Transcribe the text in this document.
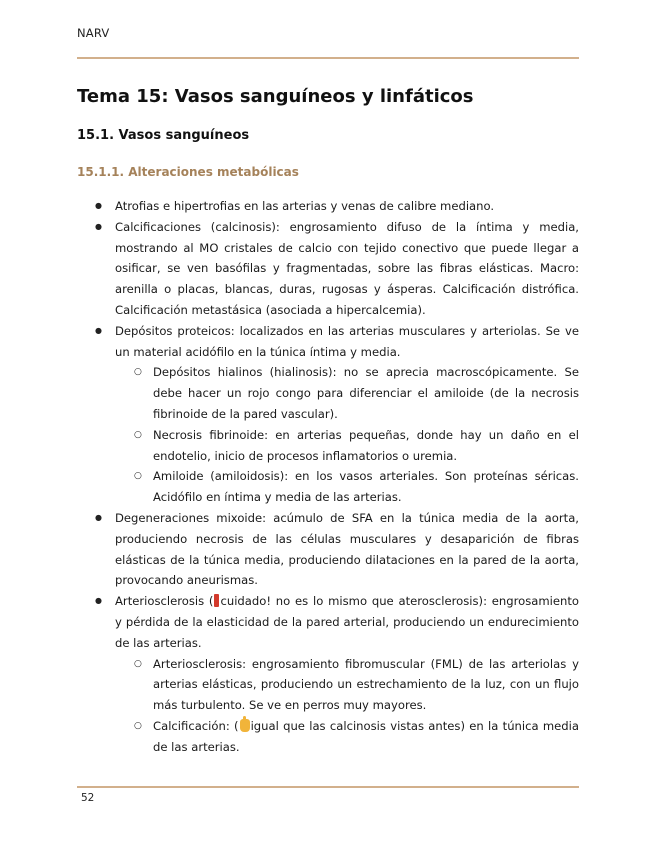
NARV
Tema 15: Vasos sanguíneos y linfáticos
15.1. Vasos sanguíneos
15.1.1. Alteraciones metabólicas
● Atrofias e hipertrofias en las arterias y venas de calibre mediano.
● Calcificaciones (calcinosis): engrosamiento difuso de la íntima y media, mostrando al MO cristales de calcio con tejido conectivo que puede llegar a osificar, se ven basófilas y fragmentadas, sobre las fibras elásticas. Macro: arenilla o placas, blancas, duras, rugosas y ásperas. Calcificación distrófica. Calcificación metastásica (asociada a hipercalcemia).
● Depósitos proteicos: localizados en las arterias musculares y arteriolas. Se ve un material acidófilo en la túnica íntima y media.
○ Depósitos hialinos (hialinosis): no se aprecia macroscópicamente. Se debe hacer un rojo congo para diferenciar el amiloide (de la necrosis fibrinoide de la pared vascular).
○ Necrosis fibrinoide: en arterias pequeñas, donde hay un daño en el endotelio, inicio de procesos inflamatorios o uremia.
○ Amiloide (amiloidosis): en los vasos arteriales. Son proteínas séricas. Acidófilo en íntima y media de las arterias.
● Degeneraciones mixoide: acúmulo de SFA en la túnica media de la aorta, produciendo necrosis de las células musculares y desaparición de fibras elásticas de la túnica media, produciendo dilataciones en la pared de la aorta, provocando aneurismas.
● Arteriosclerosis ( cuidado! no es lo mismo que aterosclerosis): engrosamiento y pérdida de la elasticidad de la pared arterial, produciendo un endurecimiento de las arterias.
○ Arteriosclerosis: engrosamiento fibromuscular (FML) de las arteriolas y arterias elásticas, produciendo un estrechamiento de la luz, con un flujo más turbulento. Se ve en perros muy mayores.
○ Calcificación: ( igual que las calcinosis vistas antes) en la túnica media de las arterias.
52
